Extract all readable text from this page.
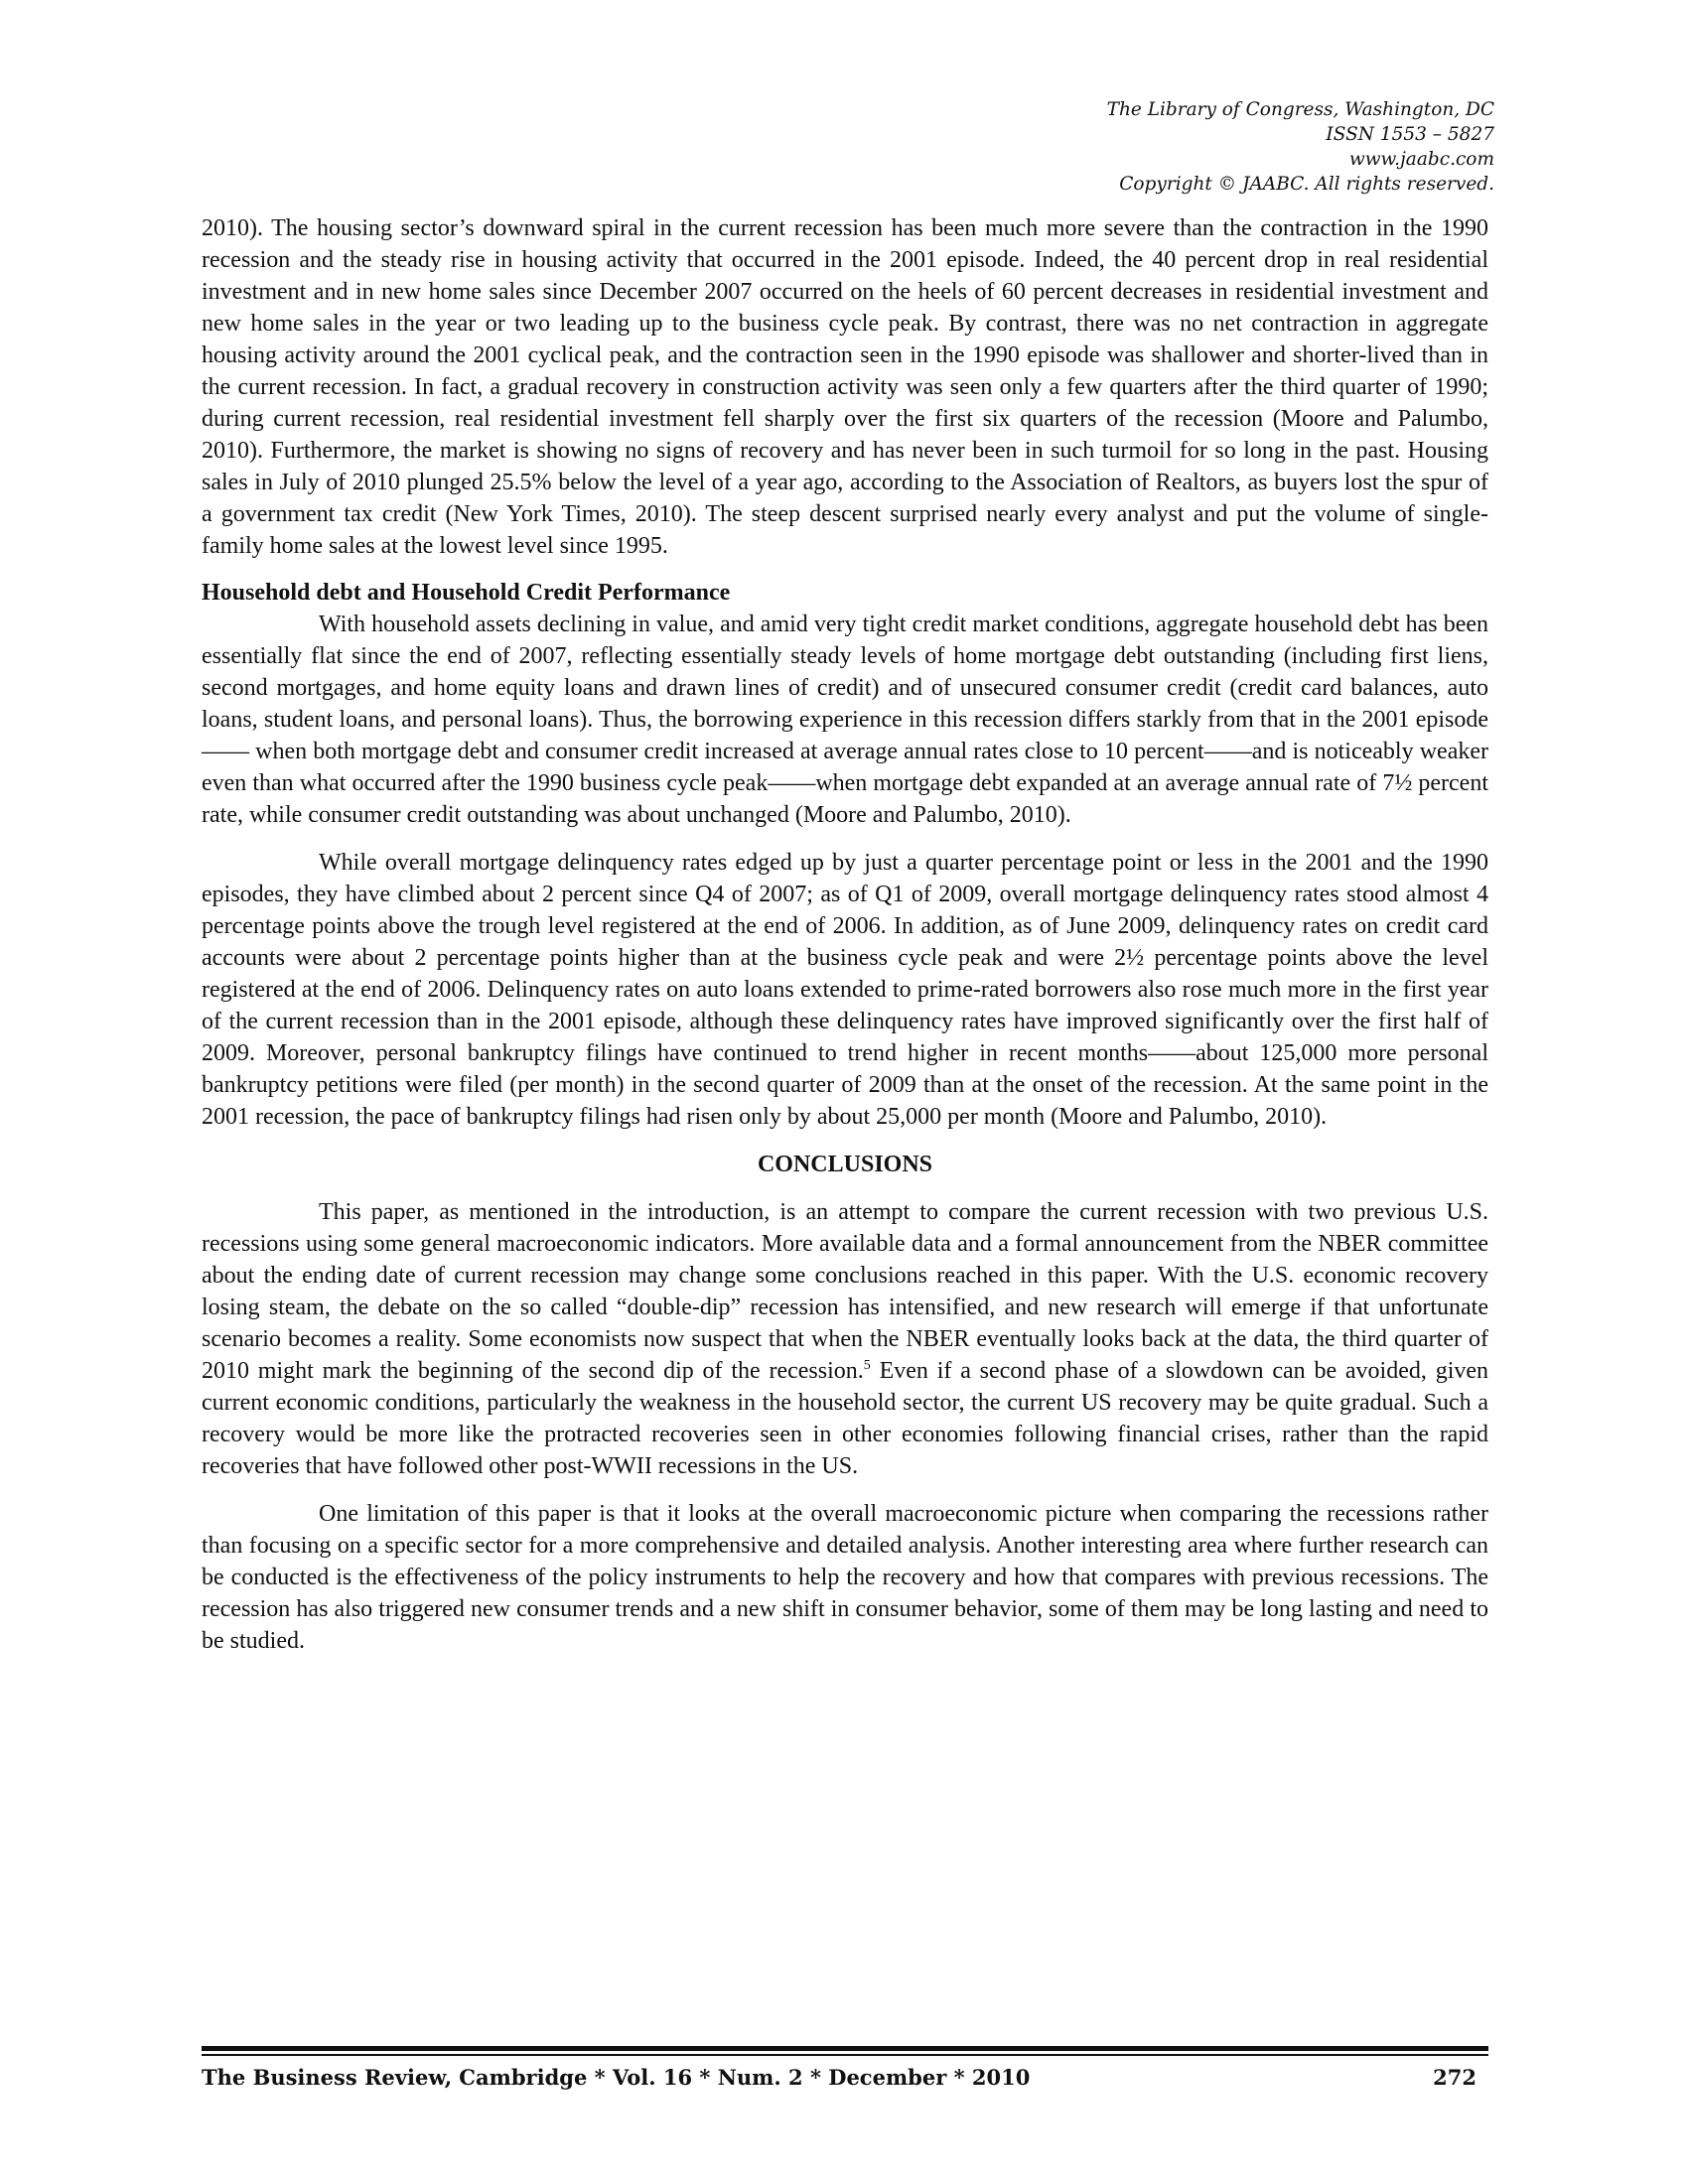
The Library of Congress, Washington, DC
ISSN 1553 – 5827
www.jaabc.com
Copyright © JAABC. All rights reserved.

2010). The housing sector’s downward spiral in the current recession has been much more severe than the contraction in the 1990 recession and the steady rise in housing activity that occurred in the 2001 episode. Indeed, the 40 percent drop in real residential investment and in new home sales since December 2007 occurred on the heels of 60 percent decreases in residential investment and new home sales in the year or two leading up to the business cycle peak. By contrast, there was no net contraction in aggregate housing activity around the 2001 cyclical peak, and the contraction seen in the 1990 episode was shallower and shorter-lived than in the current recession. In fact, a gradual recovery in construction activity was seen only a few quarters after the third quarter of 1990; during current recession, real residential investment fell sharply over the first six quarters of the recession (Moore and Palumbo, 2010). Furthermore, the market is showing no signs of recovery and has never been in such turmoil for so long in the past. Housing sales in July of 2010 plunged 25.5% below the level of a year ago, according to the Association of Realtors, as buyers lost the spur of a government tax credit (New York Times, 2010). The steep descent surprised nearly every analyst and put the volume of single-family home sales at the lowest level since 1995.

Household debt and Household Credit Performance

With household assets declining in value, and amid very tight credit market conditions, aggregate household debt has been essentially flat since the end of 2007, reflecting essentially steady levels of home mortgage debt outstanding (including first liens, second mortgages, and home equity loans and drawn lines of credit) and of unsecured consumer credit (credit card balances, auto loans, student loans, and personal loans). Thus, the borrowing experience in this recession differs starkly from that in the 2001 episode—— when both mortgage debt and consumer credit increased at average annual rates close to 10 percent——and is noticeably weaker even than what occurred after the 1990 business cycle peak——when mortgage debt expanded at an average annual rate of 7½ percent rate, while consumer credit outstanding was about unchanged (Moore and Palumbo, 2010).

While overall mortgage delinquency rates edged up by just a quarter percentage point or less in the 2001 and the 1990 episodes, they have climbed about 2 percent since Q4 of 2007; as of Q1 of 2009, overall mortgage delinquency rates stood almost 4 percentage points above the trough level registered at the end of 2006. In addition, as of June 2009, delinquency rates on credit card accounts were about 2 percentage points higher than at the business cycle peak and were 2½ percentage points above the level registered at the end of 2006. Delinquency rates on auto loans extended to prime-rated borrowers also rose much more in the first year of the current recession than in the 2001 episode, although these delinquency rates have improved significantly over the first half of 2009. Moreover, personal bankruptcy filings have continued to trend higher in recent months——about 125,000 more personal bankruptcy petitions were filed (per month) in the second quarter of 2009 than at the onset of the recession. At the same point in the 2001 recession, the pace of bankruptcy filings had risen only by about 25,000 per month (Moore and Palumbo, 2010).

CONCLUSIONS

This paper, as mentioned in the introduction, is an attempt to compare the current recession with two previous U.S. recessions using some general macroeconomic indicators. More available data and a formal announcement from the NBER committee about the ending date of current recession may change some conclusions reached in this paper. With the U.S. economic recovery losing steam, the debate on the so called “double-dip” recession has intensified, and new research will emerge if that unfortunate scenario becomes a reality. Some economists now suspect that when the NBER eventually looks back at the data, the third quarter of 2010 might mark the beginning of the second dip of the recession.$^5$ Even if a second phase of a slowdown can be avoided, given current economic conditions, particularly the weakness in the household sector, the current US recovery may be quite gradual. Such a recovery would be more like the protracted recoveries seen in other economies following financial crises, rather than the rapid recoveries that have followed other post-WWII recessions in the US.

One limitation of this paper is that it looks at the overall macroeconomic picture when comparing the recessions rather than focusing on a specific sector for a more comprehensive and detailed analysis. Another interesting area where further research can be conducted is the effectiveness of the policy instruments to help the recovery and how that compares with previous recessions. The recession has also triggered new consumer trends and a new shift in consumer behavior, some of them may be long lasting and need to be studied.

The Business Review, Cambridge * Vol. 16 * Num. 2 * December * 2010	272
